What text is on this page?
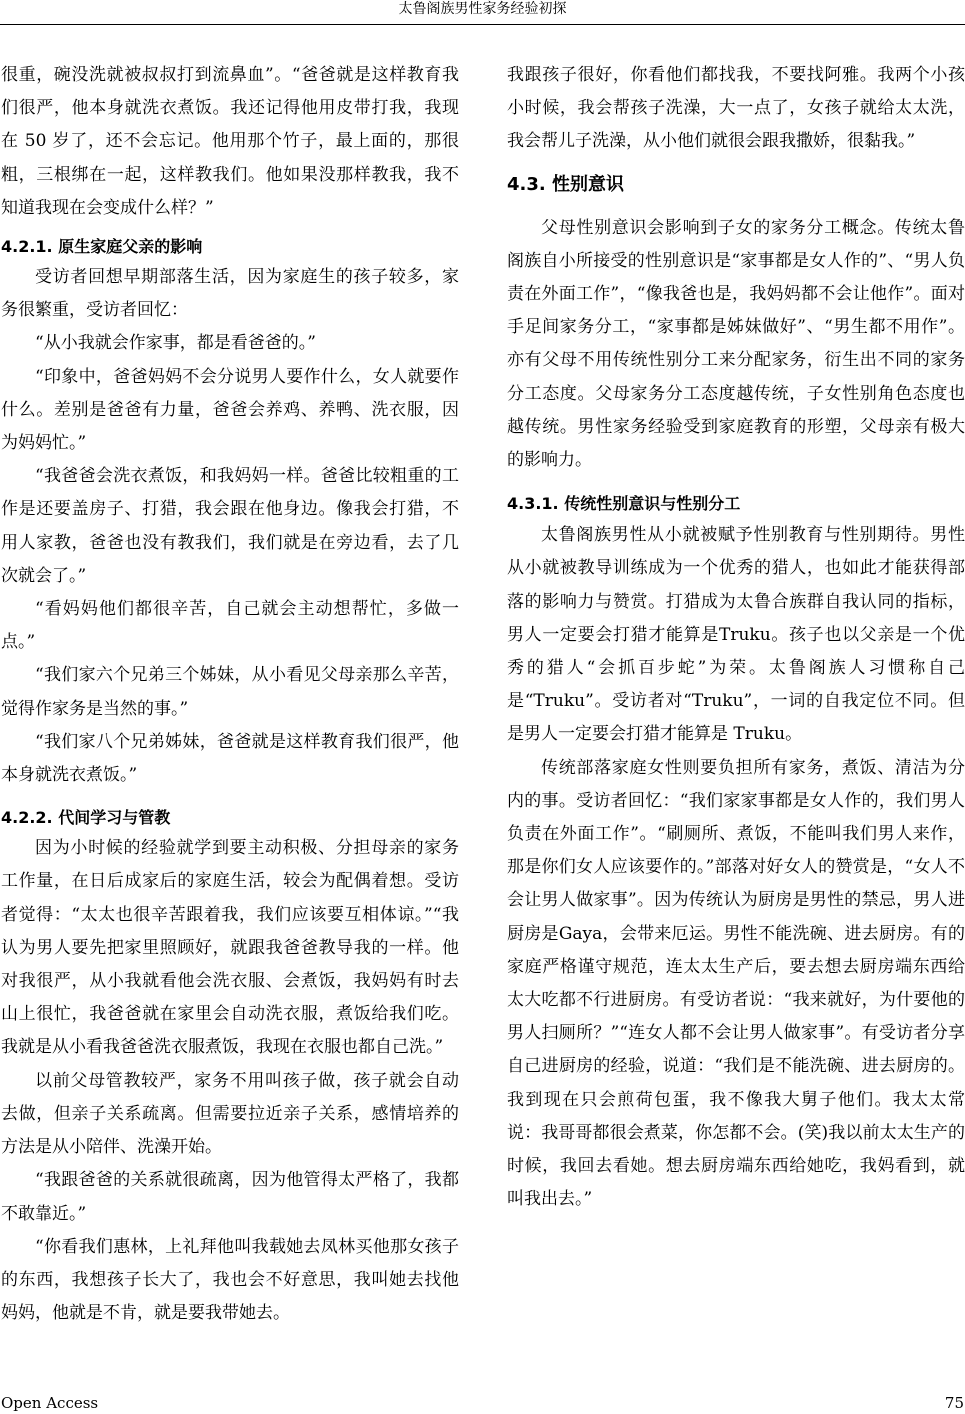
太鲁阁族男性家务经验初探

很重，碗没洗就被叔叔打到流鼻血”。“爸爸就是这样教育我们很严，他本身就洗衣煮饭。我还记得他用皮带打我，我现在 50 岁了，还不会忘记。他用那个竹子，最上面的，那很粗，三根绑在一起，这样教我们。他如果没那样教我，我不知道我现在会变成什么样？”

4.2.1. 原生家庭父亲的影响

受访者回想早期部落生活，因为家庭生的孩子较多，家务很繁重，受访者回忆：

“从小我就会作家事，都是看爸爸的。”

“印象中，爸爸妈妈不会分说男人要作什么，女人就要作什么。差别是爸爸有力量，爸爸会养鸡、养鸭、洗衣服，因为妈妈忙。”

“我爸爸会洗衣煮饭，和我妈妈一样。爸爸比较粗重的工作是还要盖房子、打猎，我会跟在他身边。像我会打猎，不用人家教，爸爸也没有教我们，我们就是在旁边看，去了几次就会了。”

“看妈妈他们都很辛苦，自己就会主动想帮忙，多做一点。”

“我们家六个兄弟三个姊妹，从小看见父母亲那么辛苦，觉得作家务是当然的事。”

“我们家八个兄弟姊妹，爸爸就是这样教育我们很严，他本身就洗衣煮饭。”

4.2.2. 代间学习与管教

因为小时候的经验就学到要主动积极、分担母亲的家务工作量，在日后成家后的家庭生活，较会为配偶着想。受访者觉得：“太太也很辛苦跟着我，我们应该要互相体谅。”“我认为男人要先把家里照顾好，就跟我爸爸教导我的一样。他对我很严，从小我就看他会洗衣服、会煮饭，我妈妈有时去山上很忙，我爸爸就在家里会自动洗衣服，煮饭给我们吃。我就是从小看我爸爸洗衣服煮饭，我现在衣服也都自己洗。”

以前父母管教较严，家务不用叫孩子做，孩子就会自动去做，但亲子关系疏离。但需要拉近亲子关系，感情培养的方法是从小陪伴、洗澡开始。

“我跟爸爸的关系就很疏离，因为他管得太严格了，我都不敢靠近。”

“你看我们惠林，上礼拜他叫我载她去凤林买他那女孩子的东西，我想孩子长大了，我也会不好意思，我叫她去找他妈妈，他就是不肯，就是要我带她去。

我跟孩子很好，你看他们都找我，不要找阿雅。我两个小孩小时候，我会帮孩子洗澡，大一点了，女孩子就给太太洗，我会帮儿子洗澡，从小他们就很会跟我撒娇，很黏我。”

4.3. 性别意识

父母性别意识会影响到子女的家务分工概念。传统太鲁阁族自小所接受的性别意识是“家事都是女人作的”、“男人负责在外面工作”，“像我爸也是，我妈妈都不会让他作”。面对手足间家务分工，“家事都是姊妹做好”、“男生都不用作”。亦有父母不用传统性别分工来分配家务，衍生出不同的家务分工态度。父母家务分工态度越传统，子女性别角色态度也越传统。男性家务经验受到家庭教育的形塑，父母亲有极大的影响力。

4.3.1. 传统性别意识与性别分工

太鲁阁族男性从小就被赋予性别教育与性别期待。男性从小就被教导训练成为一个优秀的猎人，也如此才能获得部落的影响力与赞赏。打猎成为太鲁合族群自我认同的指标，男人一定要会打猎才能算是Truku。孩子也以父亲是一个优秀的猎人“会抓百步蛇”为荣。太鲁阁族人习惯称自己是“Truku”。受访者对“Truku”，一词的自我定位不同。但是男人一定要会打猎才能算是 Truku。

传统部落家庭女性则要负担所有家务，煮饭、清洁为分内的事。受访者回忆：“我们家家事都是女人作的，我们男人负责在外面工作”。“刷厕所、煮饭，不能叫我们男人来作，那是你们女人应该要作的。”部落对好女人的赞赏是，“女人不会让男人做家事”。因为传统认为厨房是男性的禁忌，男人进厨房是Gaya，会带来厄运。男性不能洗碗、进去厨房。有的家庭严格谨守规范，连太太生产后，要去想去厨房端东西给太大吃都不行进厨房。有受访者说：“我来就好，为什要他的男人扫厕所？”“连女人都不会让男人做家事”。有受访者分享自己进厨房的经验，说道：“我们是不能洗碗、进去厨房的。我到现在只会煎荷包蛋，我不像我大舅子他们。我太太常说：我哥哥都很会煮菜，你怎都不会。(笑)我以前太太生产的时候，我回去看她。想去厨房端东西给她吃，我妈看到，就叫我出去。”

Open Access	75
